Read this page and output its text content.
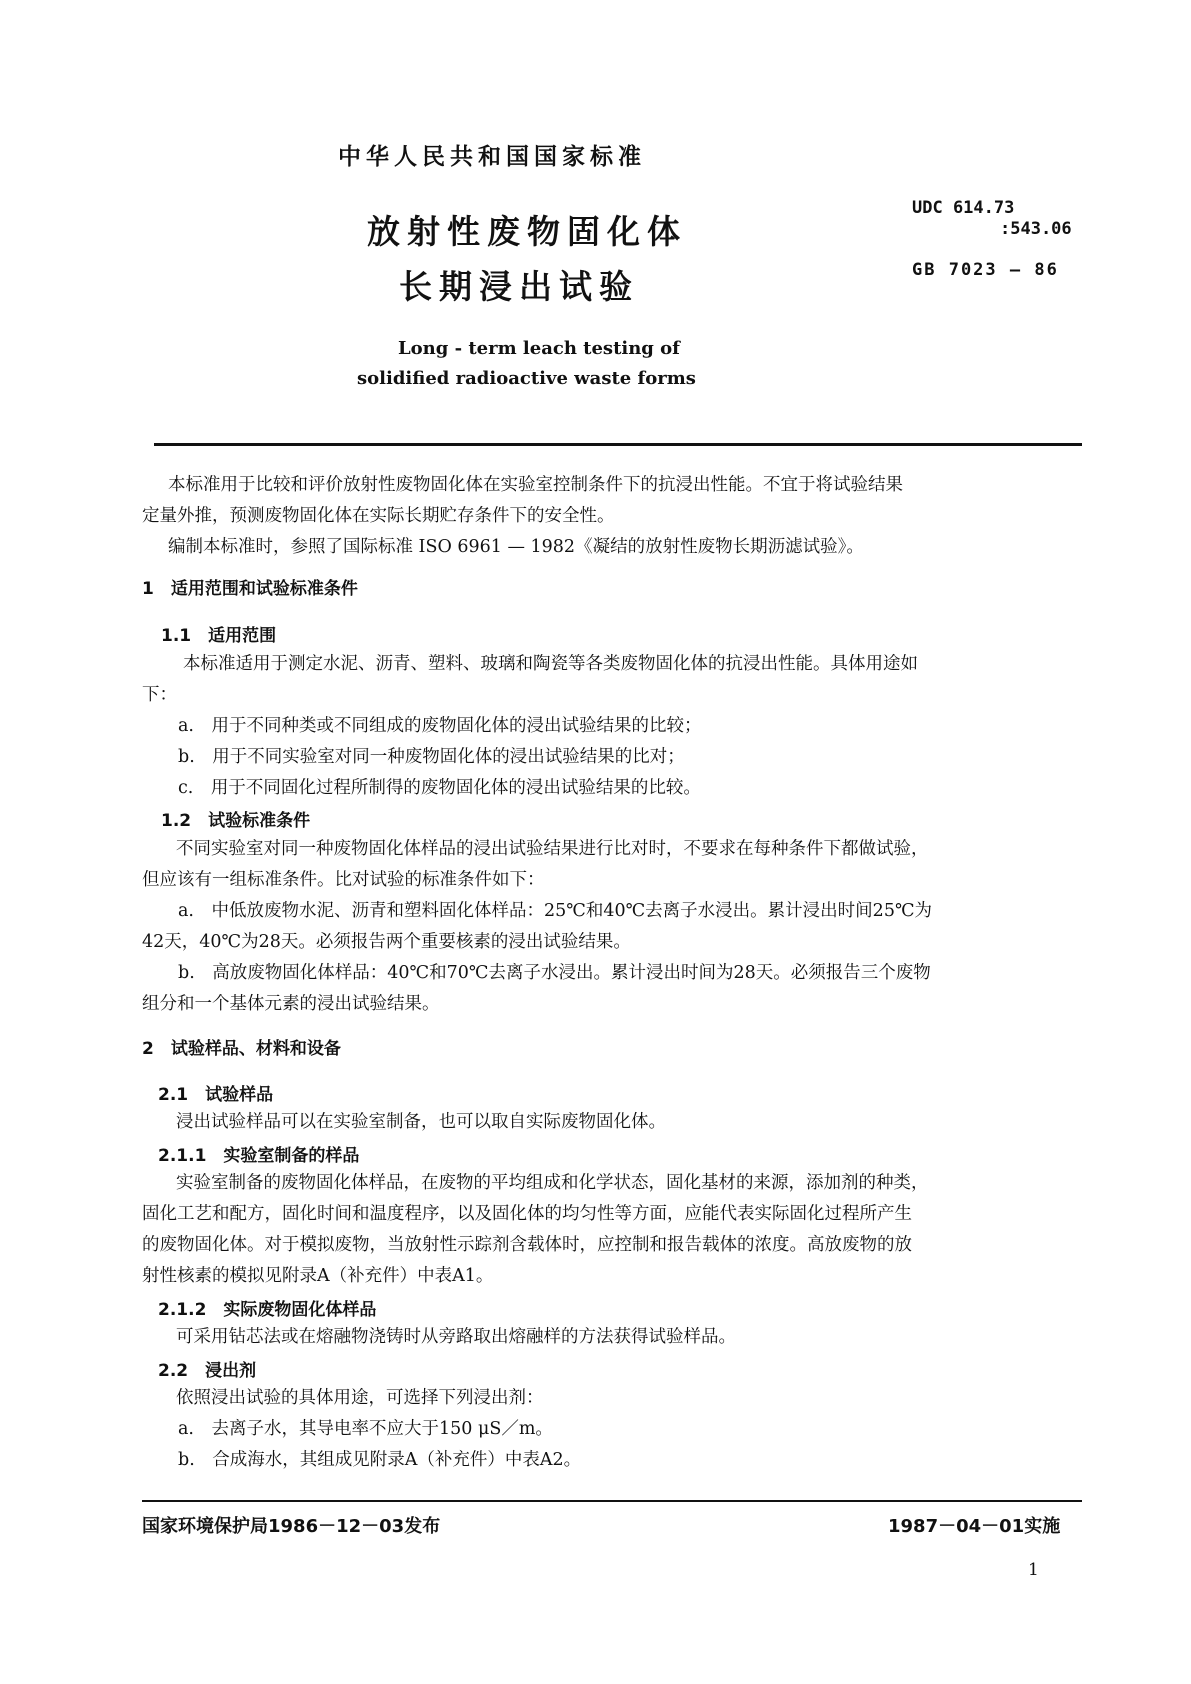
中华人民共和国国家标准
放射性废物固化体
长期浸出试验
Long - term leach testing of
solidified radioactive waste forms
UDC 614.73
:543.06
GB 7023 — 86
本标准用于比较和评价放射性废物固化体在实验室控制条件下的抗浸出性能。不宜于将试验结果
定量外推，预测废物固化体在实际长期贮存条件下的安全性。
编制本标准时，参照了国际标准 ISO 6961 — 1982《凝结的放射性废物长期沥滤试验》。
1　适用范围和试验标准条件
1.1　适用范围
本标准适用于测定水泥、沥青、塑料、玻璃和陶瓷等各类废物固化体的抗浸出性能。具体用途如
下：
a.　用于不同种类或不同组成的废物固化体的浸出试验结果的比较；
b.　用于不同实验室对同一种废物固化体的浸出试验结果的比对；
c.　用于不同固化过程所制得的废物固化体的浸出试验结果的比较。
1.2　试验标准条件
不同实验室对同一种废物固化体样品的浸出试验结果进行比对时，不要求在每种条件下都做试验，
但应该有一组标准条件。比对试验的标准条件如下：
a.　中低放废物水泥、沥青和塑料固化体样品：25℃和40℃去离子水浸出。累计浸出时间25℃为
42天，40℃为28天。必须报告两个重要核素的浸出试验结果。
b.　高放废物固化体样品：40℃和70℃去离子水浸出。累计浸出时间为28天。必须报告三个废物
组分和一个基体元素的浸出试验结果。
2　试验样品、材料和设备
2.1　试验样品
浸出试验样品可以在实验室制备，也可以取自实际废物固化体。
2.1.1　实验室制备的样品
实验室制备的废物固化体样品，在废物的平均组成和化学状态，固化基材的来源，添加剂的种类，
固化工艺和配方，固化时间和温度程序，以及固化体的均匀性等方面，应能代表实际固化过程所产生
的废物固化体。对于模拟废物，当放射性示踪剂含载体时，应控制和报告载体的浓度。高放废物的放
射性核素的模拟见附录A（补充件）中表A1。
2.1.2　实际废物固化体样品
可采用钻芯法或在熔融物浇铸时从旁路取出熔融样的方法获得试验样品。
2.2　浸出剂
依照浸出试验的具体用途，可选择下列浸出剂：
a.　去离子水，其导电率不应大于150 μS／m。
b.　合成海水，其组成见附录A（补充件）中表A2。
国家环境保护局1986－12－03发布	1987－04－01实施
1
